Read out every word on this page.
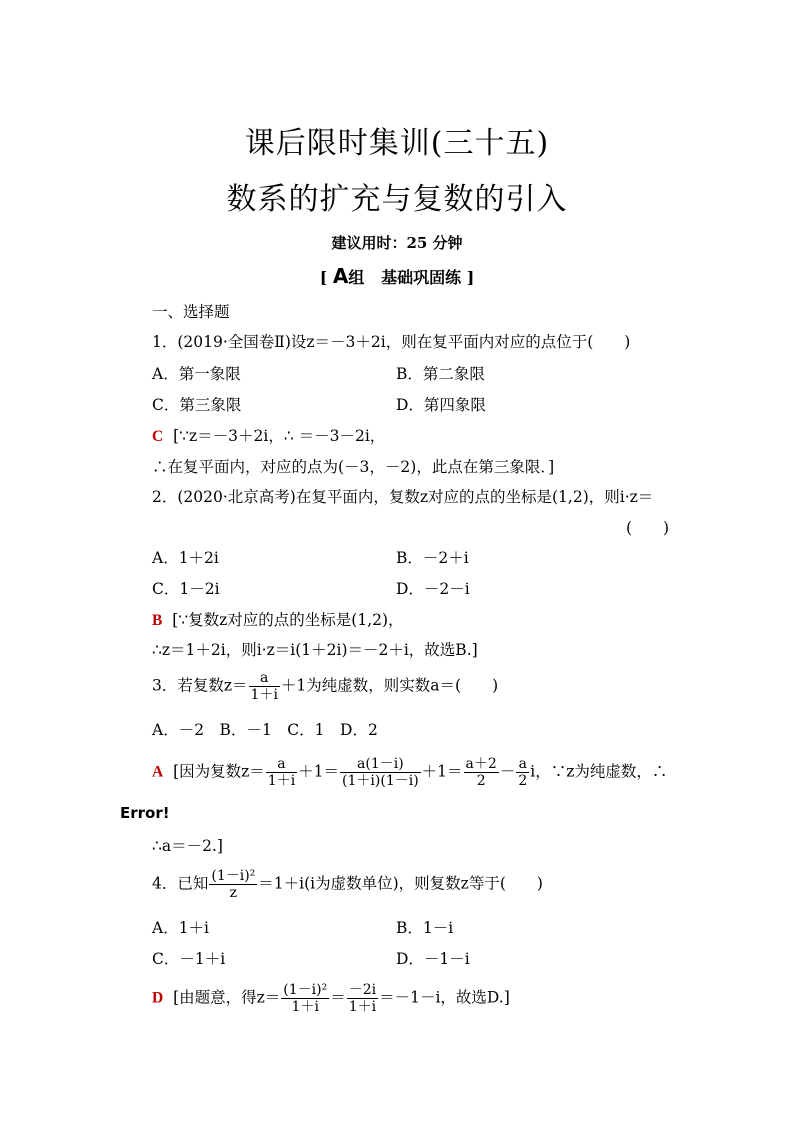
课后限时集训(三十五)
数系的扩充与复数的引入
建议用时：25 分钟
[ A组 基础巩固练 ]
一、选择题
1．(2019·全国卷Ⅱ)设z＝－3＋2i，则在复平面内对应的点位于(　　)
A．第一象限	B．第二象限
C．第三象限	D．第四象限
C [∵z＝－3＋2i，∴ ＝－3－2i，
∴在复平面内，对应的点为(－3，－2)，此点在第三象限．]
2．(2020·北京高考)在复平面内，复数z对应的点的坐标是(1,2)，则i·z＝
(　　)
A．1＋2i	B．－2＋i
C．1－2i	D．－2－i
B [∵复数z对应的点的坐标是(1,2)，
∴z＝1＋2i，则i·z＝i(1＋2i)＝－2＋i，故选B.]
3．若复数$z= \frac{a}{1+i} +1$为纯虚数，则实数a＝(　　)
A．－2　B．－1　C．1　D．2
A [因为复数$z= \frac{a}{1+i} +1= \frac{a(1-i)}{(1+i)(1-i)} +1= \frac{a+2}{2} - \frac{a}{2}$ i，∵z为纯虚数，∴
Error!
∴a＝－2.]
4．已知 $\frac{\text{(1－i)²}}{z} =1+i(i$为虚数单位)，则复数z等于(　　)
A．1＋i	B．1－i
C．－1＋i	D．－1－i
D [由题意，得$z= \frac{\text{(1－i)²}}{1+i} = \frac{-2i}{1+i} =-1-i$，故选D.]
